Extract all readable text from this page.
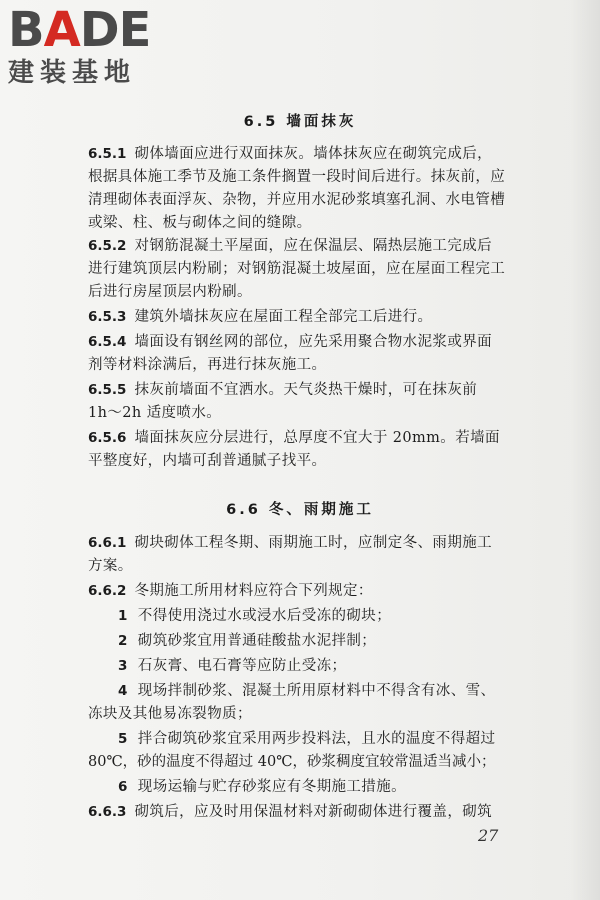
B A DE
建装基地
6.5 墙面抹灰
6.5.1 砌体墙面应进行双面抹灰。墙体抹灰应在砌筑完成后，
根据具体施工季节及施工条件搁置一段时间后进行。抹灰前，应
清理砌体表面浮灰、杂物，并应用水泥砂浆填塞孔洞、水电管槽
或梁、柱、板与砌体之间的缝隙。
6.5.2 对钢筋混凝土平屋面，应在保温层、隔热层施工完成后
进行建筑顶层内粉刷；对钢筋混凝土坡屋面，应在屋面工程完工
后进行房屋顶层内粉刷。
6.5.3 建筑外墙抹灰应在屋面工程全部完工后进行。
6.5.4 墙面设有钢丝网的部位，应先采用聚合物水泥浆或界面
剂等材料涂满后，再进行抹灰施工。
6.5.5 抹灰前墙面不宜洒水。天气炎热干燥时，可在抹灰前
1h～2h 适度喷水。
6.5.6 墙面抹灰应分层进行，总厚度不宜大于 20mm。若墙面
平整度好，内墙可刮普通腻子找平。
6.6 冬、雨期施工
6.6.1 砌块砌体工程冬期、雨期施工时，应制定冬、雨期施工
方案。
6.6.2 冬期施工所用材料应符合下列规定：
1 不得使用浇过水或浸水后受冻的砌块；
2 砌筑砂浆宜用普通硅酸盐水泥拌制；
3 石灰膏、电石膏等应防止受冻；
4 现场拌制砂浆、混凝土所用原材料中不得含有冰、雪、
冻块及其他易冻裂物质；
5 拌合砌筑砂浆宜采用两步投料法，且水的温度不得超过
80℃，砂的温度不得超过 40℃，砂浆稠度宜较常温适当减小；
6 现场运输与贮存砂浆应有冬期施工措施。
6.6.3 砌筑后，应及时用保温材料对新砌砌体进行覆盖，砌筑
27
